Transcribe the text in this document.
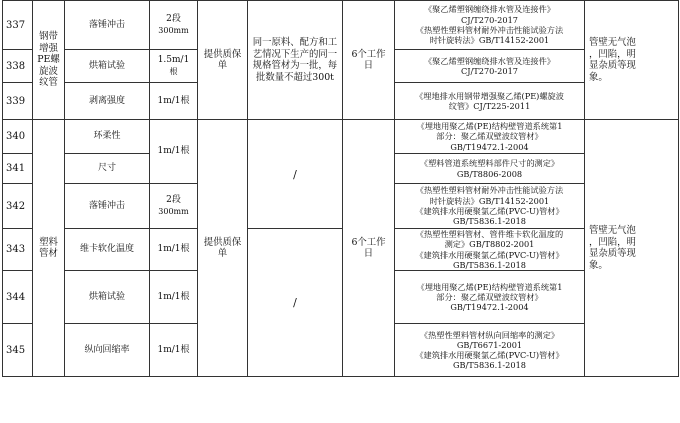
337	钢带
增强
PE螺
旋波
纹管	落锤冲击	2段
300mm	提供质保单	同一原料、配方和工
艺情况下生产的同一
规格管材为一批，每
批数量不超过300t	6个工作
日	《聚乙烯塑钢缠绕排水管及连接件》
CJ/T270-2017
《热塑性塑料管材耐外冲击性能试验方法
时针旋转法》GB/T14152-2001	管壁无气泡
，凹陷，明
显杂质等现
象。
338		烘箱试验	1.5m/1
根				《聚乙烯塑钢缠绕排水管及连接件》
CJ/T270-2017	
339		剥离强度	1m/1根				《埋地排水用钢带增强聚乙烯(PE)螺旋波
纹管》CJ/T225-2011	
340	塑料
管材	环柔性	1m/1根	提供质保单	/	6个工作
日	《埋地用聚乙烯(PE)结构壁管道系统第1
部分：聚乙烯双壁波纹管材》
GB/T19472.1-2004	管壁无气泡
，凹陷，明
显杂质等现
象。
341		尺寸					《塑料管道系统塑料部件尺寸的测定》
GB/T8806-2008	
342		落锤冲击	2段
300mm				《热塑性塑料管材耐外冲击性能试验方法
时针旋转法》GB/T14152-2001
《建筑排水用硬聚氯乙烯(PVC-U)管材》
GB/T5836.1-2018	
343		维卡软化温度	1m/1根		/		《热塑性塑料管材、管件维卡软化温度的
测定》GB/T8802-2001
《建筑排水用硬聚氯乙烯(PVC-U)管材》
GB/T5836.1-2018	
344		烘箱试验	1m/1根				《埋地用聚乙烯(PE)结构壁管道系统第1
部分：聚乙烯双壁波纹管材》
GB/T19472.1-2004	
345		纵向回缩率	1m/1根				《热塑性塑料管材纵向回缩率的测定》
GB/T6671-2001
《建筑排水用硬聚氯乙烯(PVC-U)管材》
GB/T5836.1-2018	
